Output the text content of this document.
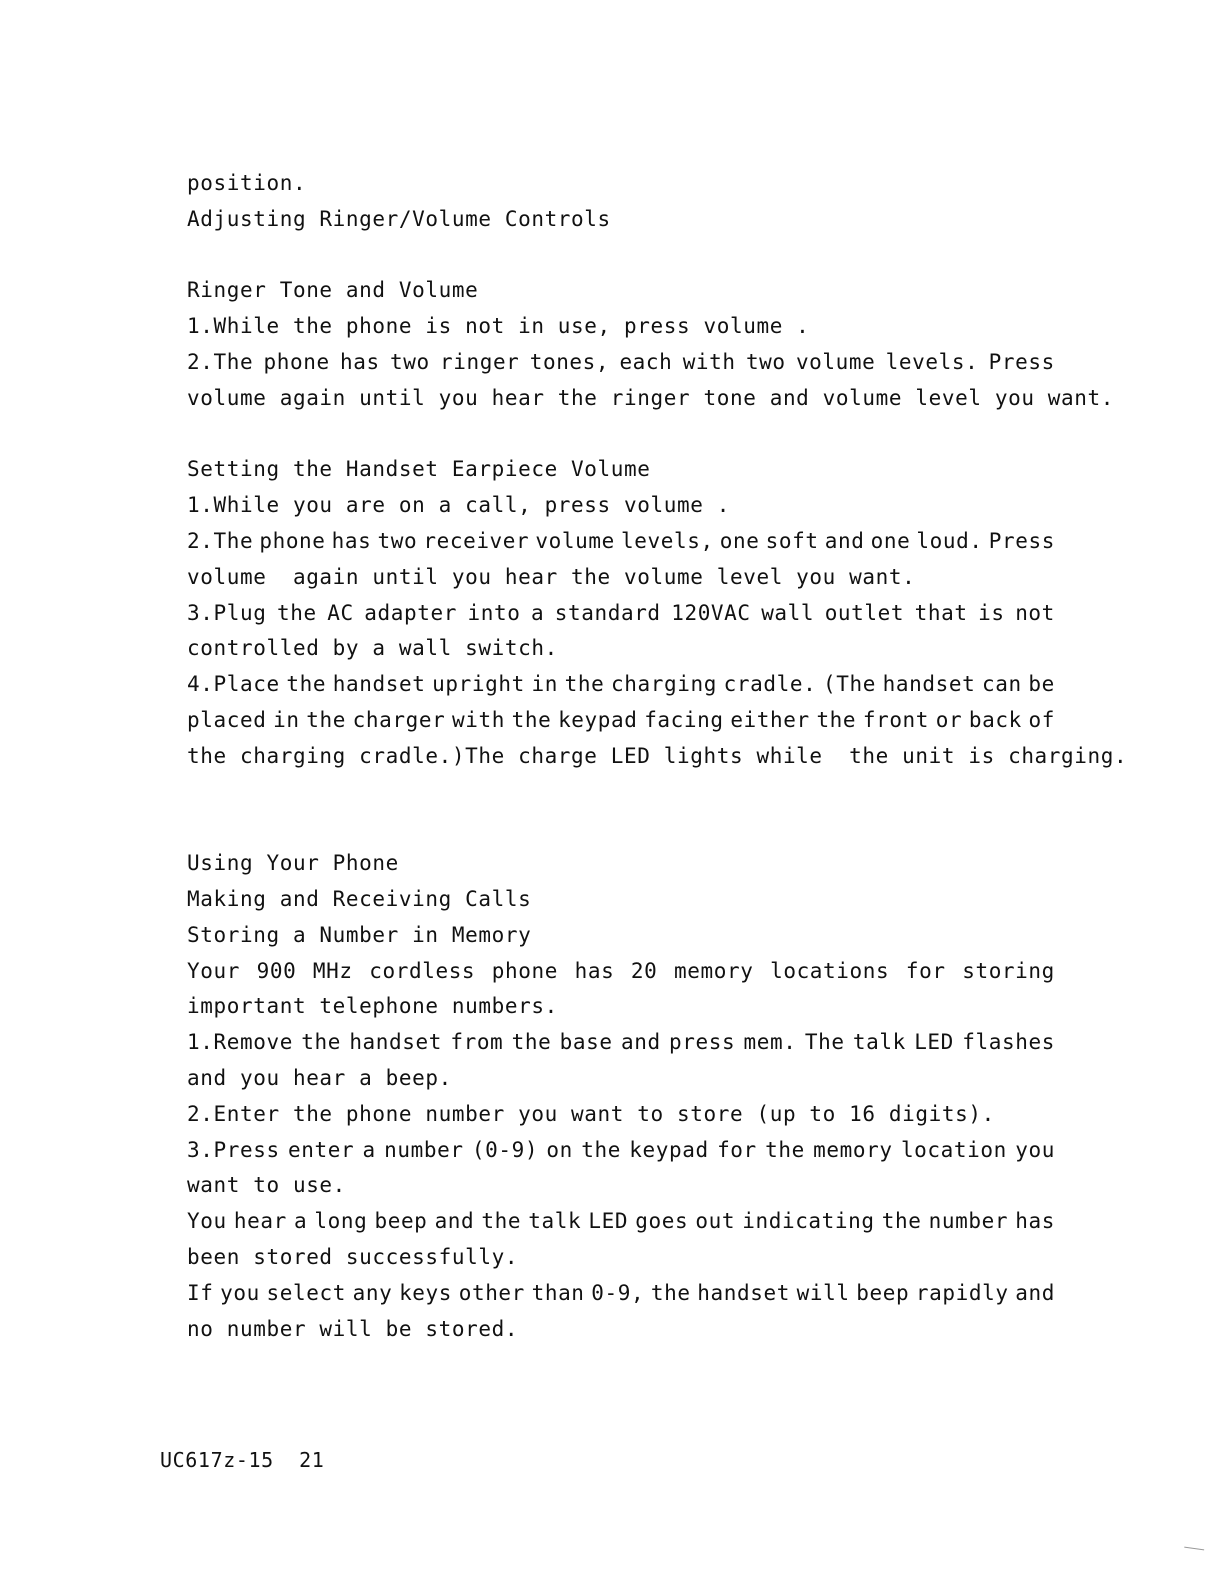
position.
Adjusting Ringer/Volume Controls
Ringer Tone and Volume
1.While the phone is not in use, press volume .
2.The phone has two ringer tones, each with two volume levels. Press
volume again until you hear the ringer tone and volume level you want.
Setting the Handset Earpiece Volume
1.While you are on a call, press volume .
2.The phone has two receiver volume levels, one soft and one loud. Press
volume  again until you hear the volume level you want.
3.Plug the AC adapter into a standard 120VAC wall outlet that is not
controlled by a wall switch.
4.Place the handset upright in the charging cradle. (The handset can be
placed in the charger with the keypad facing either the front or back of
the charging cradle.)The charge LED lights while  the unit is charging.
Using Your Phone
Making and Receiving Calls
Storing a Number in Memory
Your 900 MHz cordless phone has 20 memory locations for storing
important telephone numbers.
1.Remove the handset from the base and press mem. The talk LED flashes
and you hear a beep.
2.Enter the phone number you want to store (up to 16 digits).
3.Press enter a number (0-9) on the keypad for the memory location you
want to use.
You hear a long beep and the talk LED goes out indicating the number has
been stored successfully.
If you select any keys other than 0-9, the handset will beep rapidly and
no number will be stored.
UC617z-15 21
